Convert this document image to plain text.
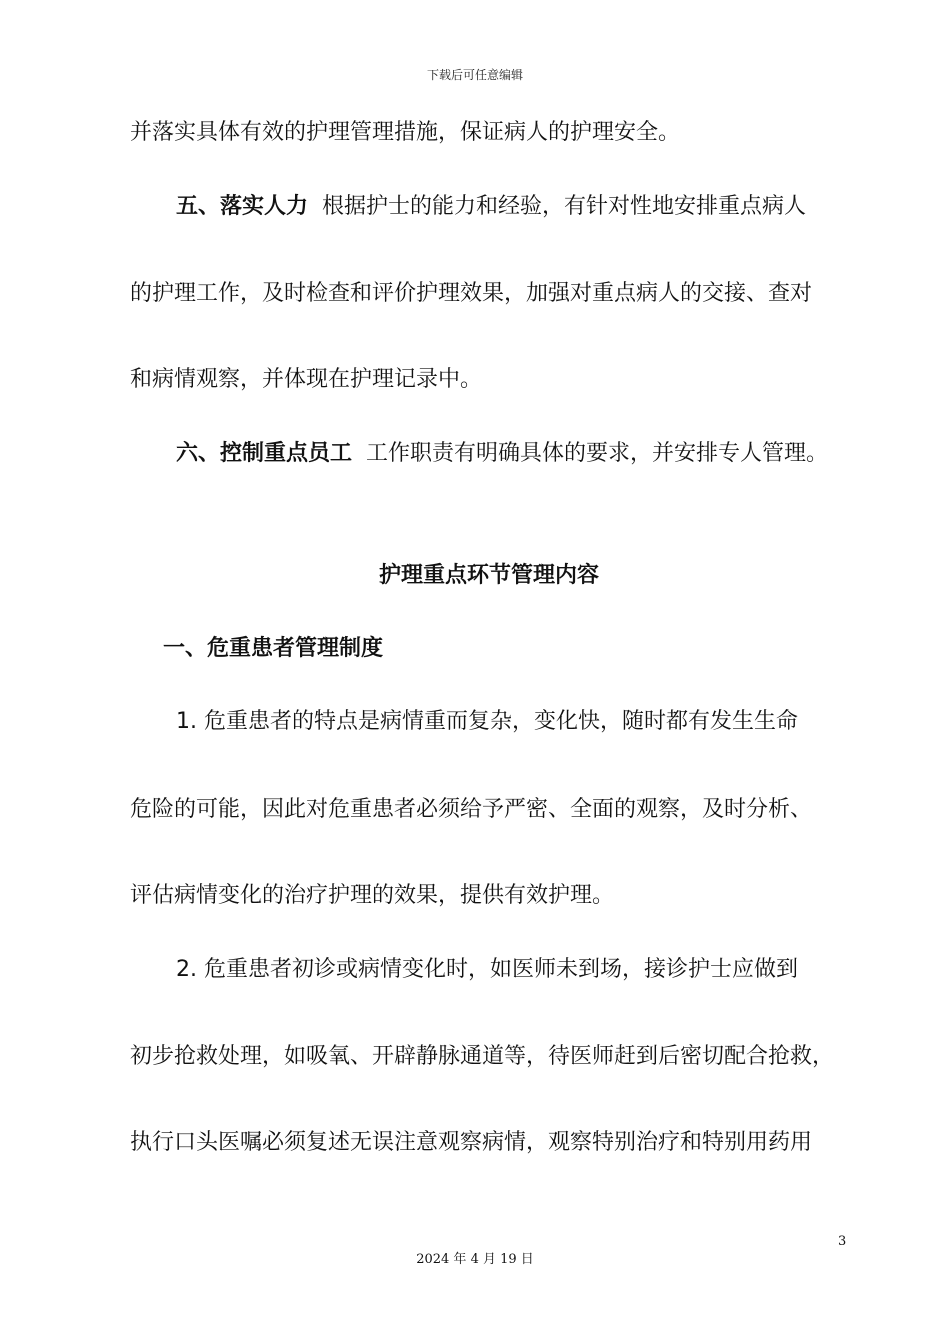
下载后可任意编辑
并落实具体有效的护理管理措施，保证病人的护理安全。
五、落实人力 根据护士的能力和经验，有针对性地安排重点病人
的护理工作，及时检查和评价护理效果，加强对重点病人的交接、查对
和病情观察，并体现在护理记录中。
六、控制重点员工 工作职责有明确具体的要求，并安排专人管理。
护理重点环节管理内容
一、危重患者管理制度
1. 危重患者的特点是病情重而复杂，变化快，随时都有发生生命
危险的可能，因此对危重患者必须给予严密、全面的观察，及时分析、
评估病情变化的治疗护理的效果，提供有效护理。
2. 危重患者初诊或病情变化时，如医师未到场，接诊护士应做到
初步抢救处理，如吸氧、开辟静脉通道等，待医师赶到后密切配合抢救，
执行口头医嘱必须复述无误注意观察病情，观察特别治疗和特别用药用
3
2024 年 4 月 19 日
